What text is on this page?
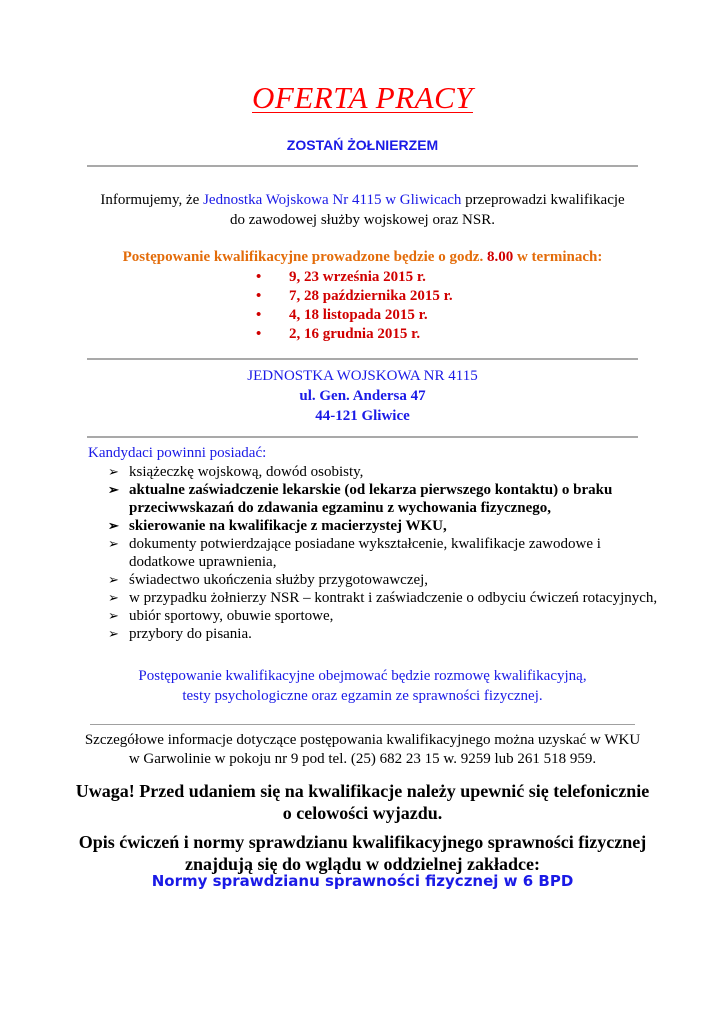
OFERTA PRACY
ZOSTAŃ ŻOŁNIERZEM
Informujemy, że Jednostka Wojskowa Nr 4115 w Gliwicach przeprowadzi kwalifikacje
do zawodowej służby wojskowej oraz NSR.
Postępowanie kwalifikacyjne prowadzone będzie o godz. 8.00 w terminach:
• 9, 23 września 2015 r.
• 7, 28 października 2015 r.
• 4, 18 listopada 2015 r.
• 2, 16 grudnia 2015 r.
JEDNOSTKA WOJSKOWA NR 4115
ul. Gen. Andersa 47
44-121 Gliwice
Kandydaci powinni posiadać:
➢ książeczkę wojskową, dowód osobisty,
➢ aktualne zaświadczenie lekarskie (od lekarza pierwszego kontaktu) o braku przeciwwskazań do zdawania egzaminu z wychowania fizycznego,
➢ skierowanie na kwalifikacje z macierzystej WKU,
➢ dokumenty potwierdzające posiadane wykształcenie, kwalifikacje zawodowe i dodatkowe uprawnienia,
➢ świadectwo ukończenia służby przygotowawczej,
➢ w przypadku żołnierzy NSR – kontrakt i zaświadczenie o odbyciu ćwiczeń rotacyjnych,
➢ ubiór sportowy, obuwie sportowe,
➢ przybory do pisania.
Postępowanie kwalifikacyjne obejmować będzie rozmowę kwalifikacyjną,
testy psychologiczne oraz egzamin ze sprawności fizycznej.
Szczegółowe informacje dotyczące postępowania kwalifikacyjnego można uzyskać w WKU
w Garwolinie w pokoju nr 9 pod tel. (25) 682 23 15 w. 9259 lub 261 518 959.
Uwaga! Przed udaniem się na kwalifikacje należy upewnić się telefonicznie
o celowości wyjazdu.
Opis ćwiczeń i normy sprawdzianu kwalifikacyjnego sprawności fizycznej
znajdują się do wglądu w oddzielnej zakładce:
Normy sprawdzianu sprawności fizycznej w 6 BPD
